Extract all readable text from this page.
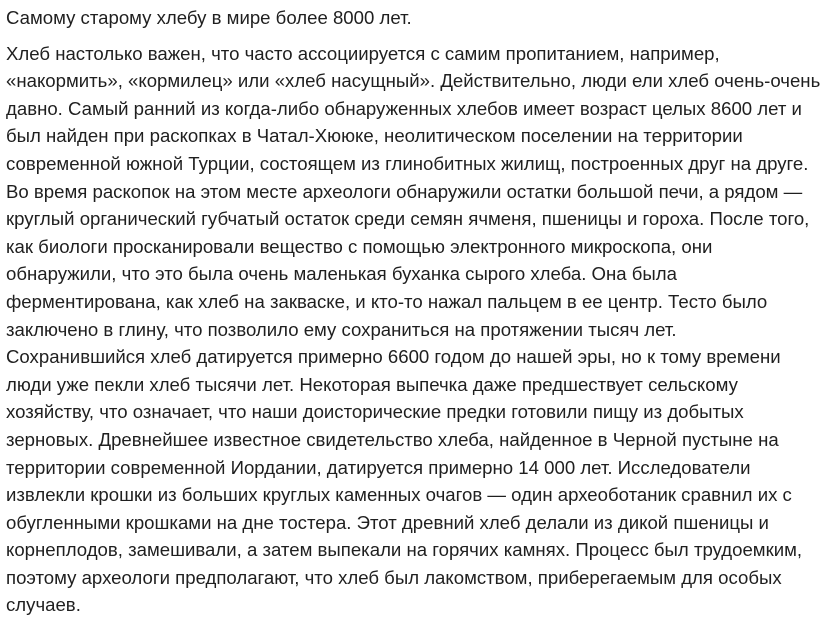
Самому старому хлебу в мире более 8000 лет.

Хлеб настолько важен, что часто ассоциируется с самим пропитанием, например,
«накормить», «кормилец» или «хлеб насущный». Действительно, люди ели хлеб очень-очень
давно. Самый ранний из когда-либо обнаруженных хлебов имеет возраст целых 8600 лет и
был найден при раскопках в Чатал-Хююке, неолитическом поселении на территории
современной южной Турции, состоящем из глинобитных жилищ, построенных друг на друге.
Во время раскопок на этом месте археологи обнаружили остатки большой печи, а рядом —
круглый органический губчатый остаток среди семян ячменя, пшеницы и гороха. После того,
как биологи просканировали вещество с помощью электронного микроскопа, они
обнаружили, что это была очень маленькая буханка сырого хлеба. Она была
ферментирована, как хлеб на закваске, и кто-то нажал пальцем в ее центр. Тесто было
заключено в глину, что позволило ему сохраниться на протяжении тысяч лет.
Сохранившийся хлеб датируется примерно 6600 годом до нашей эры, но к тому времени
люди уже пекли хлеб тысячи лет. Некоторая выпечка даже предшествует сельскому
хозяйству, что означает, что наши доисторические предки готовили пищу из добытых
зерновых. Древнейшее известное свидетельство хлеба, найденное в Черной пустыне на
территории современной Иордании, датируется примерно 14 000 лет. Исследователи
извлекли крошки из больших круглых каменных очагов — один археоботаник сравнил их с
обугленными крошками на дне тостера. Этот древний хлеб делали из дикой пшеницы и
корнеплодов, замешивали, а затем выпекали на горячих камнях. Процесс был трудоемким,
поэтому археологи предполагают, что хлеб был лакомством, приберегаемым для особых
случаев.
